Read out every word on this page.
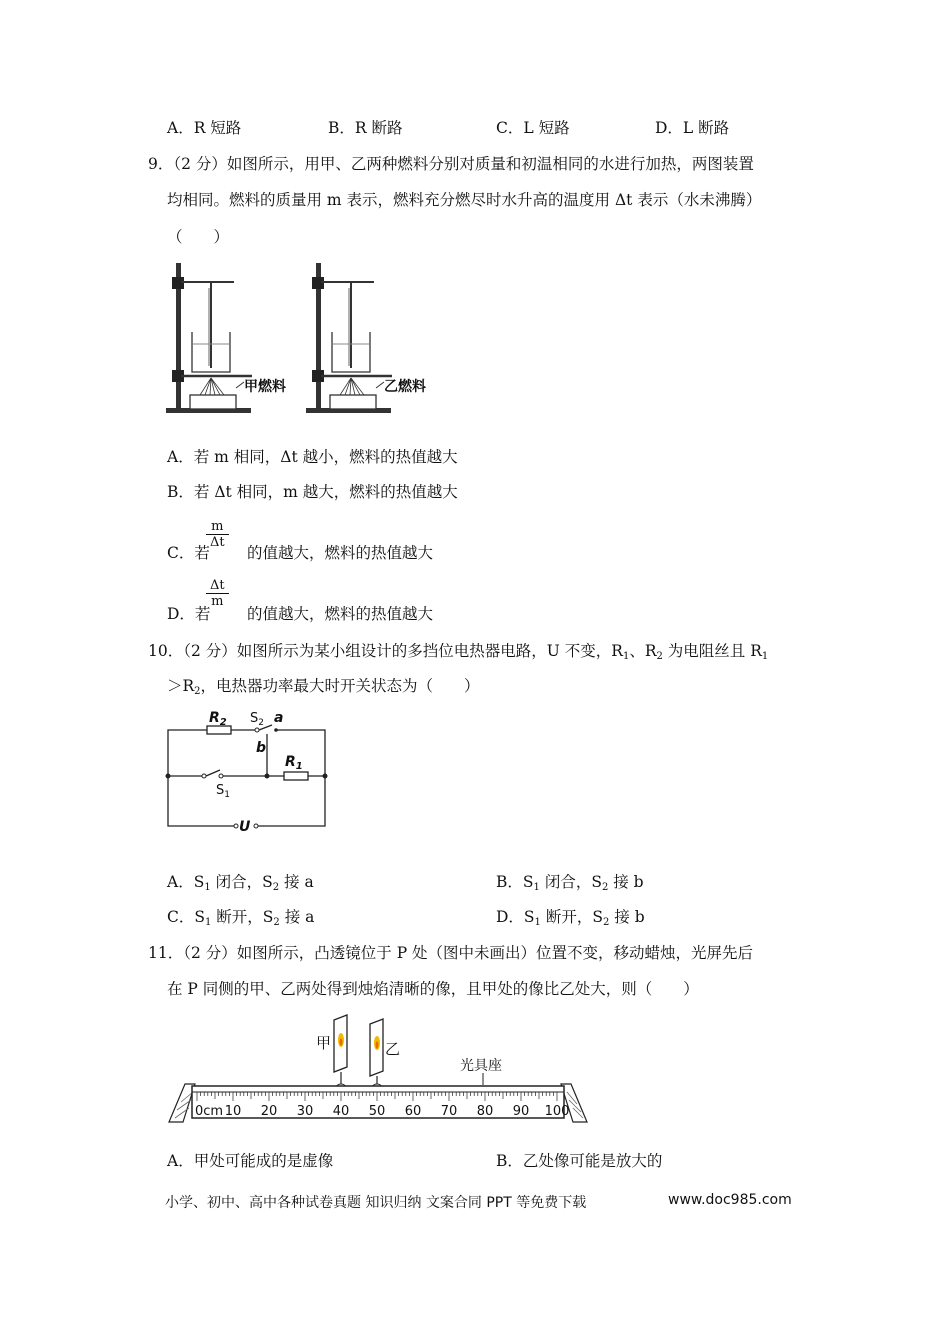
A．R 短路	B．R 断路	C．L 短路	D．L 断路
9．（2 分）如图所示，用甲、乙两种燃料分别对质量和初温相同的水进行加热，两图装置
均相同。燃料的质量用 m 表示，燃料充分燃尽时水升高的温度用 Δt 表示（水未沸腾）
（　　）
甲燃料	乙燃料
A．若 m 相同，Δt 越小，燃料的热值越大
B．若 Δt 相同，m 越大，燃料的热值越大
C．若
$\frac{m}{\Delta t}$
的值越大，燃料的热值越大
D．若
$\frac{\Delta t}{m}$
的值越大，燃料的热值越大
10．（2 分）如图所示为某小组设计的多挡位电热器电路，U 不变，$R_1$、$R_2$ 为电阻丝且 $R_1$
$>R_2$，电热器功率最大时开关状态为（　　）
$R_2$ $S_2$ a
b
$R_1$
$S_1$
U
A．$S_1$ 闭合，$S_2$ 接 a	B．$S_1$ 闭合，$S_2$ 接 b
C．$S_1$ 断开，$S_2$ 接 a	D．$S_1$ 断开，$S_2$ 接 b
11．（2 分）如图所示，凸透镜位于 P 处（图中未画出）位置不变，移动蜡烛，光屏先后
在 P 同侧的甲、乙两处得到烛焰清晰的像，且甲处的像比乙处大，则（　　）
甲	乙
光具座
0cm 10 20 30 40 50 60 70 80 90 100
A．甲处可能成的是虚像	B．乙处像可能是放大的
小学、初中、高中各种试卷真题 知识归纳 文案合同 PPT 等免费下载	www.doc985.com
